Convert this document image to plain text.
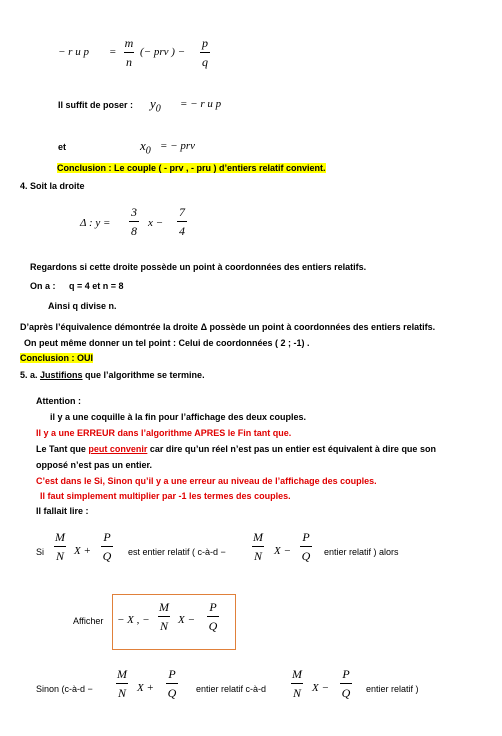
− r u p =
m
n
(− prv ) −
p
q
Il suffit de poser : $y_0$ = − r u p
et	$x_0$ = − prv
Conclusion : Le couple ( - prv , - pru ) d’entiers relatif convient.
4. Soit la droite
Δ : y =
3
8
x −
7
4
Regardons si cette droite possède un point à coordonnées des entiers relatifs.
On a : q = 4 et n = 8
Ainsi q divise n.
D’après l’équivalence démontrée la droite Δ possède un point à coordonnées des entiers relatifs.
On peut même donner un tel point : Celui de coordonnées ( 2 ; -1) .
Conclusion : OUI
5. a. Justifions que l’algorithme se termine.
Attention :
il y a une coquille à la fin pour l’affichage des deux couples.
Il y a une ERREUR dans l’algorithme APRES le Fin tant que.
Le Tant que peut convenir car dire qu’un réel n’est pas un entier est équivalent à dire que son
opposé n’est pas un entier.
C’est dans le Si, Sinon qu’il y a une erreur au niveau de l’affichage des couples.
Il faut simplement multiplier par -1 les termes des couples.
Il fallait lire :
Si
M
N X +
P
Q est entier relatif ( c-à-d −
M
N X −
P
Q entier relatif ) alors
Afficher − X , −
M
N X −
P
Q
Sinon (c-à-d −
M
N X +
P
Q entier relatif c-à-d
M
N X −
P
Q entier relatif )
